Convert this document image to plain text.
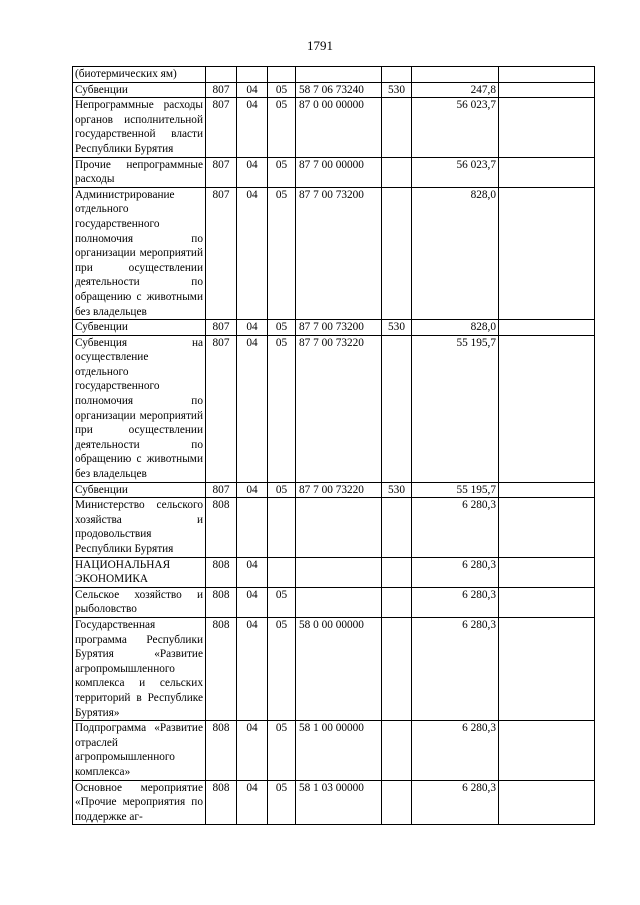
1791
(биотермических ям)							
Субвенции	807	04	05	58 7 06 73240	530	247,8	
Непрограммные расходы органов исполнительной государственной власти Республики Бурятия	807	04	05	87 0 00 00000		56 023,7	
Прочие непрограммные расходы	807	04	05	87 7 00 00000		56 023,7	
Администрирование отдельного государственного полномочия по организации мероприятий при осуществлении деятельности по обращению с животными без владельцев	807	04	05	87 7 00 73200		828,0	
Субвенции	807	04	05	87 7 00 73200	530	828,0	
Субвенция на осуществление отдельного государственного полномочия по организации мероприятий при осуществлении деятельности по обращению с животными без владельцев	807	04	05	87 7 00 73220		55 195,7	
Субвенции	807	04	05	87 7 00 73220	530	55 195,7	
Министерство сельского хозяйства и продовольствия Республики Бурятия	808					6 280,3	
НАЦИОНАЛЬНАЯ ЭКОНОМИКА	808	04				6 280,3	
Сельское хозяйство и рыболовство	808	04	05			6 280,3	
Государственная программа Республики Бурятия «Развитие агропромышленного комплекса и сельских территорий в Республике Бурятия»	808	04	05	58 0 00 00000		6 280,3	
Подпрограмма «Развитие отраслей агропромышленного комплекса»	808	04	05	58 1 00 00000		6 280,3	
Основное мероприятие «Прочие мероприятия по поддержке аг-	808	04	05	58 1 03 00000		6 280,3	
